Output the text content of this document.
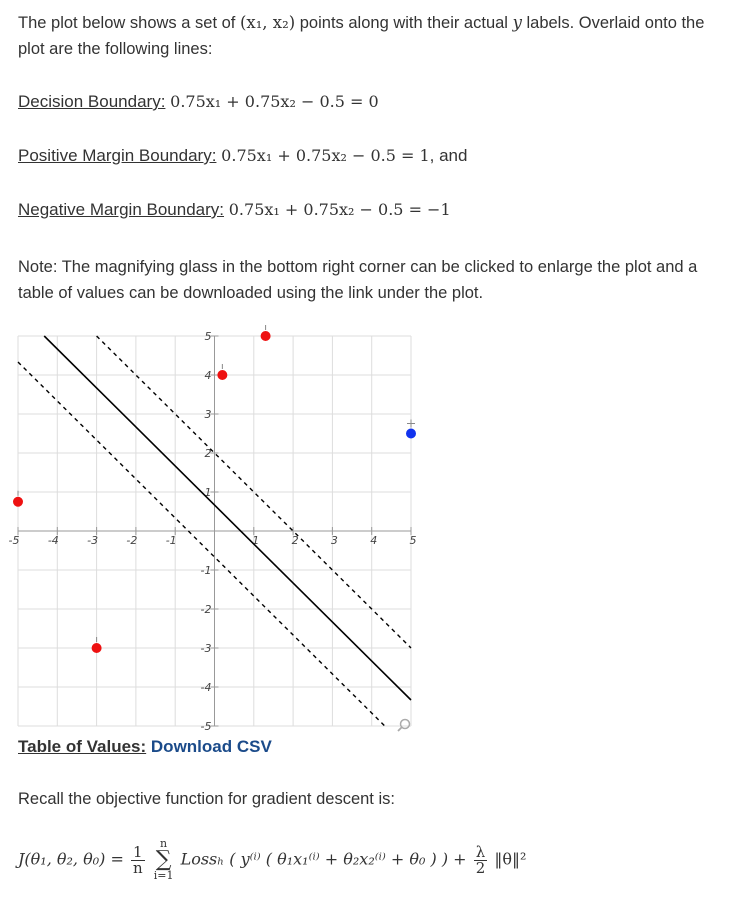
The plot below shows a set of (x₁, x₂) points along with their actual y labels. Overlaid onto the plot are the following lines:
Decision Boundary: 0.75x₁ + 0.75x₂ − 0.5 = 0
Positive Margin Boundary: 0.75x₁ + 0.75x₂ − 0.5 = 1, and
Negative Margin Boundary: 0.75x₁ + 0.75x₂ − 0.5 = −1
Note: The magnifying glass in the bottom right corner can be clicked to enlarge the plot and a table of values can be downloaded using the link under the plot.
-5	-4	-3	-2	-1	1	2	3	4	5
5
4
3
2
1
-1
-2
-3
-4
-5
Table of Values: Download CSV
Recall the objective function for gradient descent is:
J(θ₁, θ₂, $\theta_0) = \frac{1}{n}$
n
∑
i=1 Lossₕ ( y⁽ⁱ⁾ ( θ₁x₁⁽ⁱ⁾ + θ₂x₂⁽ⁱ⁾ + θ₀ ) ) + $\frac{\lambda}{2}$ ‖θ‖²
